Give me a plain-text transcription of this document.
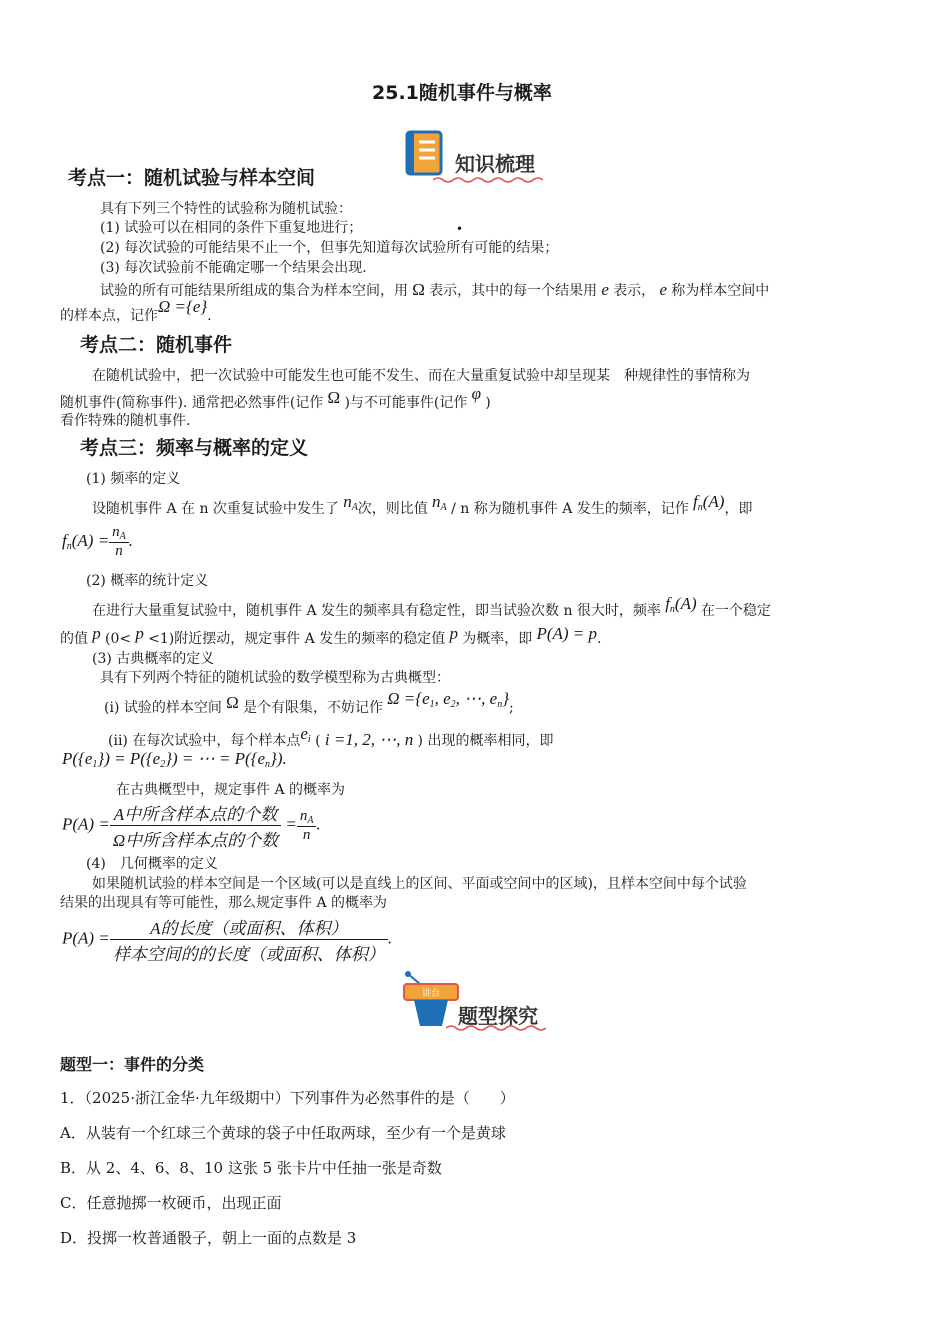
25.1随机事件与概率
知识梳理
考点一：随机试验与样本空间
具有下列三个特性的试验称为随机试验：
(1) 试验可以在相同的条件下重复地进行；	•
(2) 每次试验的可能结果不止一个，但事先知道每次试验所有可能的结果；
(3) 每次试验前不能确定哪一个结果会出现.
试验的所有可能结果所组成的集合为样本空间，用 Ω 表示，其中的每一个结果用 e 表示， e 称为样本空间中
的样本点，记作Ω ={e}.
考点二：随机事件
在随机试验中，把一次试验中可能发生也可能不发生、而在大量重复试验中却呈现某　种规律性的事情称为
随机事件(简称事件). 通常把必然事件(记作 Ω )与不可能事件(记作 φ )
看作特殊的随机事件.
考点三：频率与概率的定义
(1) 频率的定义
设随机事件 A 在 n 次重复试验中发生了 $n_A$次，则比值 $n_A$ / n 称为随机事件 A 发生的频率，记作 $f_n(A)$，即
$f_n(A) = \frac{n_A}{n}$ .
(2) 概率的统计定义
在进行大量重复试验中，随机事件 A 发生的频率具有稳定性，即当试验次数 n 很大时，频率 $f_n(A)$ 在一个稳定
的值 p (0< p <1)附近摆动，规定事件 A 发生的频率的稳定值 p 为概率，即 P(A) = p.
(3) 古典概率的定义
具有下列两个特征的随机试验的数学模型称为古典概型：
(i) 试验的样本空间 Ω 是个有限集，不妨记作 $\Omega =\{e_1$, $e_2$, ⋯, $e_n$};
(ii) 在每次试验中，每个样本点$e_i$ ( i =1, 2, ⋯, n ) 出现的概率相同，即
$P(\{e_1\}) = P(\{e_2\})$ = ⋯ = $P(\{e_n\})$.
在古典概型中，规定事件 A 的概率为
$P(A) = \frac{\text{A中所含样本点的个数}}{\text{Ω中所含样本点的个数}} = \frac{n_A}{n}$ .
(4)　几何概率的定义
如果随机试验的样本空间是一个区域(可以是直线上的区间、平面或空间中的区域)，且样本空间中每个试验
结果的出现具有等可能性，那么规定事件 A 的概率为
$P(A) = \frac{\text{A的长度（或面积、体积）}}{\text{样本空间的的长度（或面积、体积）}}$ .
讲台
题型探究
题型一：事件的分类
1．（2025·浙江金华·九年级期中）下列事件为必然事件的是（　　）
A．从装有一个红球三个黄球的袋子中任取两球，至少有一个是黄球
B．从 2、4、6、8、10 这张 5 张卡片中任抽一张是奇数
C．任意抛掷一枚硬币，出现正面
D．投掷一枚普通骰子，朝上一面的点数是 3
